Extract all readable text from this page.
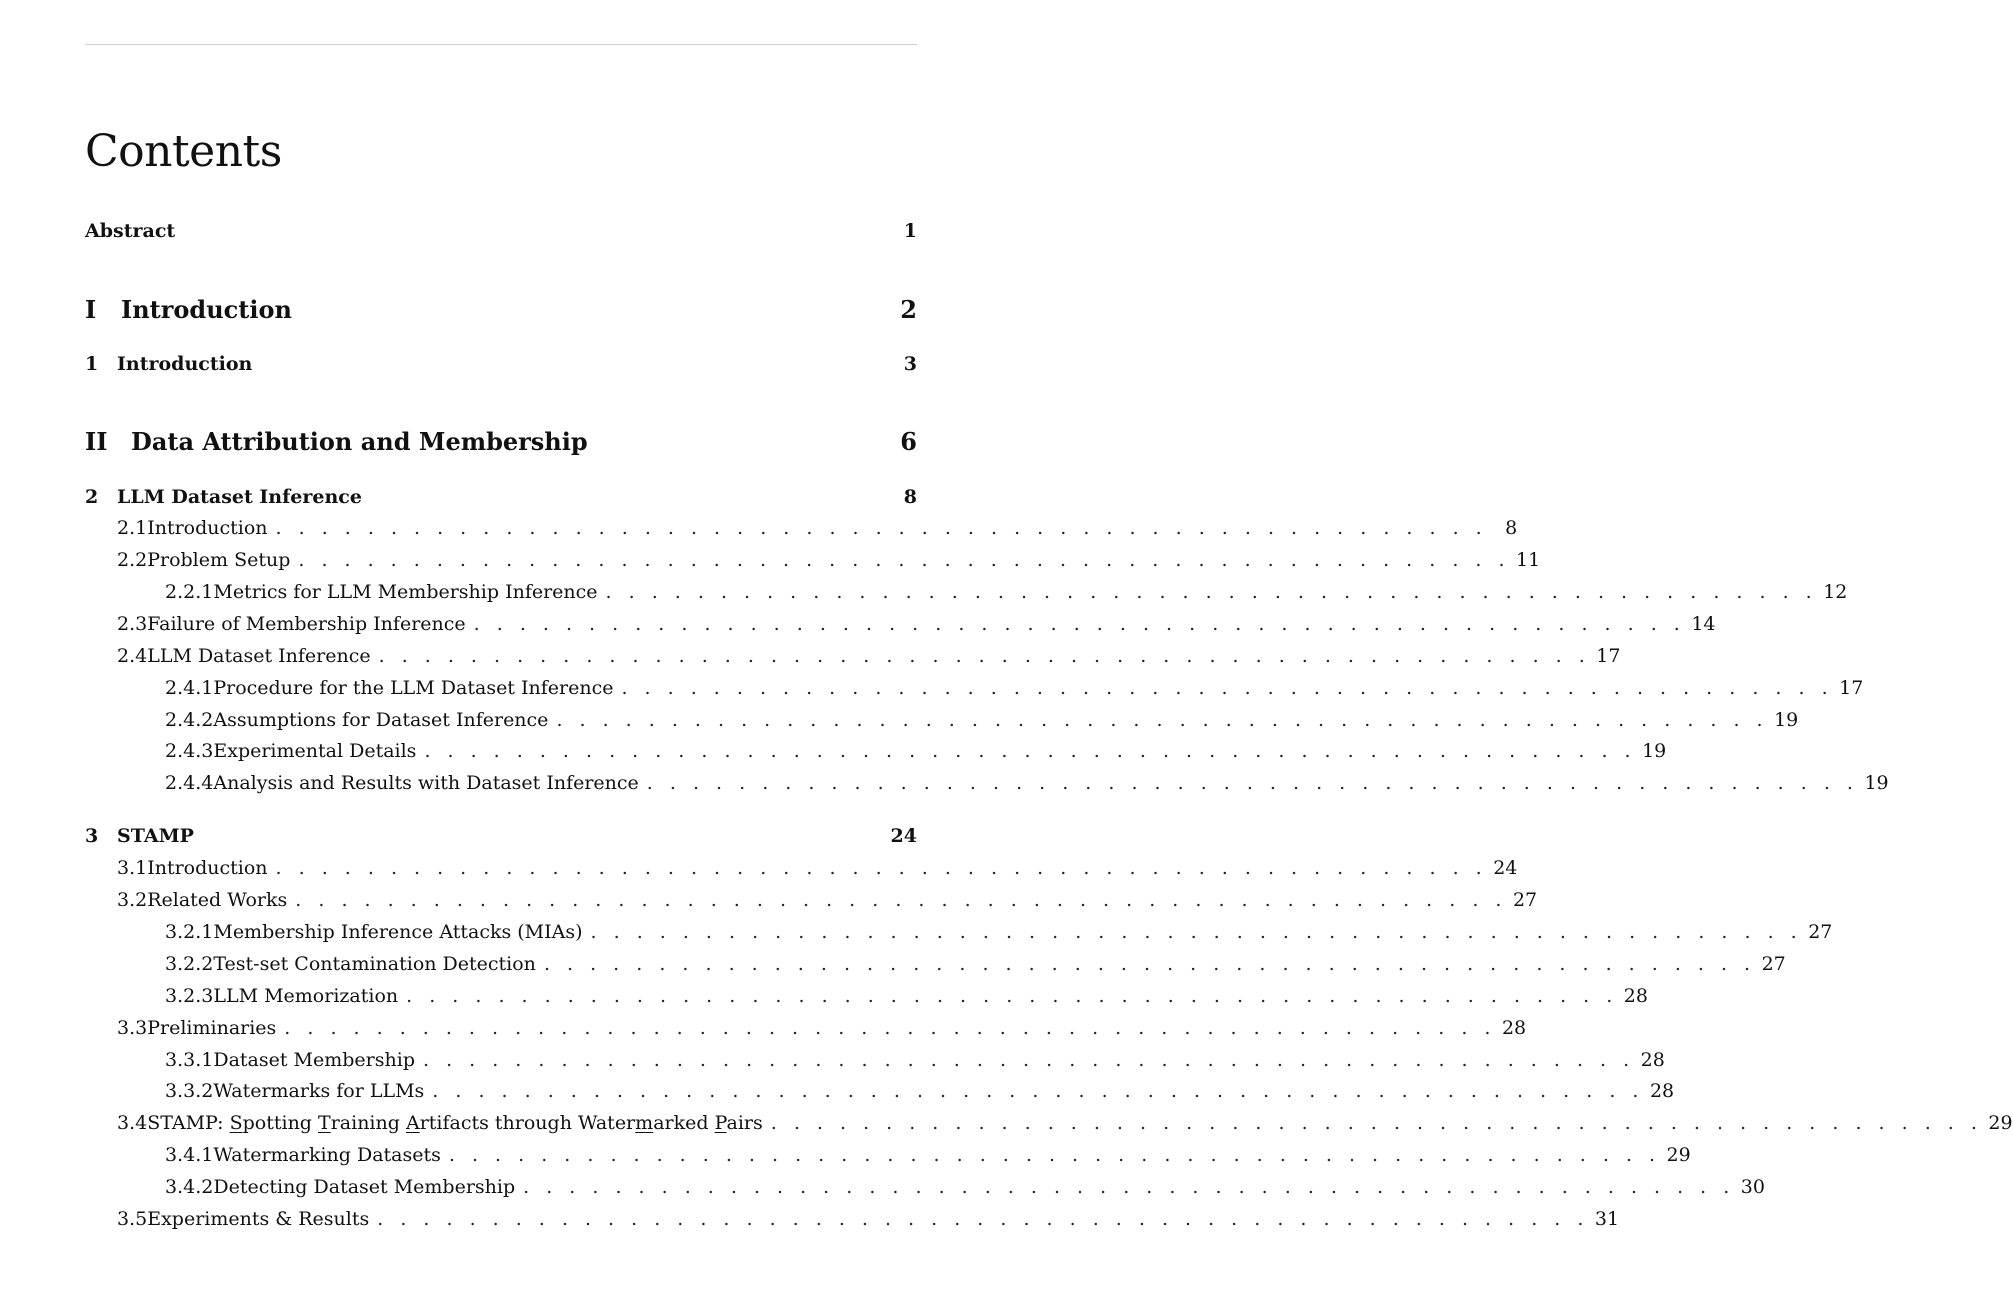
Contents
Abstract	1
I	Introduction	2
1 Introduction	3
II Data Attribution and Membership	6
2 LLM Dataset Inference	8
2.1 Introduction . . . . . . . . . . . . . . . . . . . . . . . . . . . . . . . . . . . . . . . . . . . . . . . . . . . . . 8
2.2 Problem Setup . . . . . . . . . . . . . . . . . . . . . . . . . . . . . . . . . . . . . . . . . . . . . . . . . . . . . 11
2.2.1 Metrics for LLM Membership Inference . . . . . . . . . . . . . . . . . . . . . . . . . . . . . . . . . . . . . . . . . . . . . . . . . . . . . 12
2.3 Failure of Membership Inference . . . . . . . . . . . . . . . . . . . . . . . . . . . . . . . . . . . . . . . . . . . . . . . . . . . . . 14
2.4 LLM Dataset Inference . . . . . . . . . . . . . . . . . . . . . . . . . . . . . . . . . . . . . . . . . . . . . . . . . . . . . 17
2.4.1 Procedure for the LLM Dataset Inference . . . . . . . . . . . . . . . . . . . . . . . . . . . . . . . . . . . . . . . . . . . . . . . . . . . . . 17
2.4.2 Assumptions for Dataset Inference . . . . . . . . . . . . . . . . . . . . . . . . . . . . . . . . . . . . . . . . . . . . . . . . . . . . . 19
2.4.3 Experimental Details . . . . . . . . . . . . . . . . . . . . . . . . . . . . . . . . . . . . . . . . . . . . . . . . . . . . . 19
2.4.4 Analysis and Results with Dataset Inference . . . . . . . . . . . . . . . . . . . . . . . . . . . . . . . . . . . . . . . . . . . . . . . . . . . . . 19
3 STAMP	24
3.1 Introduction . . . . . . . . . . . . . . . . . . . . . . . . . . . . . . . . . . . . . . . . . . . . . . . . . . . . . 24
3.2 Related Works . . . . . . . . . . . . . . . . . . . . . . . . . . . . . . . . . . . . . . . . . . . . . . . . . . . . . 27
3.2.1 Membership Inference Attacks (MIAs) . . . . . . . . . . . . . . . . . . . . . . . . . . . . . . . . . . . . . . . . . . . . . . . . . . . . . 27
3.2.2 Test-set Contamination Detection . . . . . . . . . . . . . . . . . . . . . . . . . . . . . . . . . . . . . . . . . . . . . . . . . . . . . 27
3.2.3 LLM Memorization . . . . . . . . . . . . . . . . . . . . . . . . . . . . . . . . . . . . . . . . . . . . . . . . . . . . . 28
3.3 Preliminaries . . . . . . . . . . . . . . . . . . . . . . . . . . . . . . . . . . . . . . . . . . . . . . . . . . . . . 28
3.3.1 Dataset Membership . . . . . . . . . . . . . . . . . . . . . . . . . . . . . . . . . . . . . . . . . . . . . . . . . . . . . 28
3.3.2 Watermarks for LLMs . . . . . . . . . . . . . . . . . . . . . . . . . . . . . . . . . . . . . . . . . . . . . . . . . . . . . 28
3.4 STAMP: Spotting Training Artifacts through Watermarked Pairs . . . . . . . . . . . . . . . . . . . . . . . . . . . . . . . . . . . . . . . . . . . . . . . . . . . . . 29
3.4.1 Watermarking Datasets . . . . . . . . . . . . . . . . . . . . . . . . . . . . . . . . . . . . . . . . . . . . . . . . . . . . . 29
3.4.2 Detecting Dataset Membership . . . . . . . . . . . . . . . . . . . . . . . . . . . . . . . . . . . . . . . . . . . . . . . . . . . . . 30
3.5 Experiments & Results . . . . . . . . . . . . . . . . . . . . . . . . . . . . . . . . . . . . . . . . . . . . . . . . . . . . . 31
